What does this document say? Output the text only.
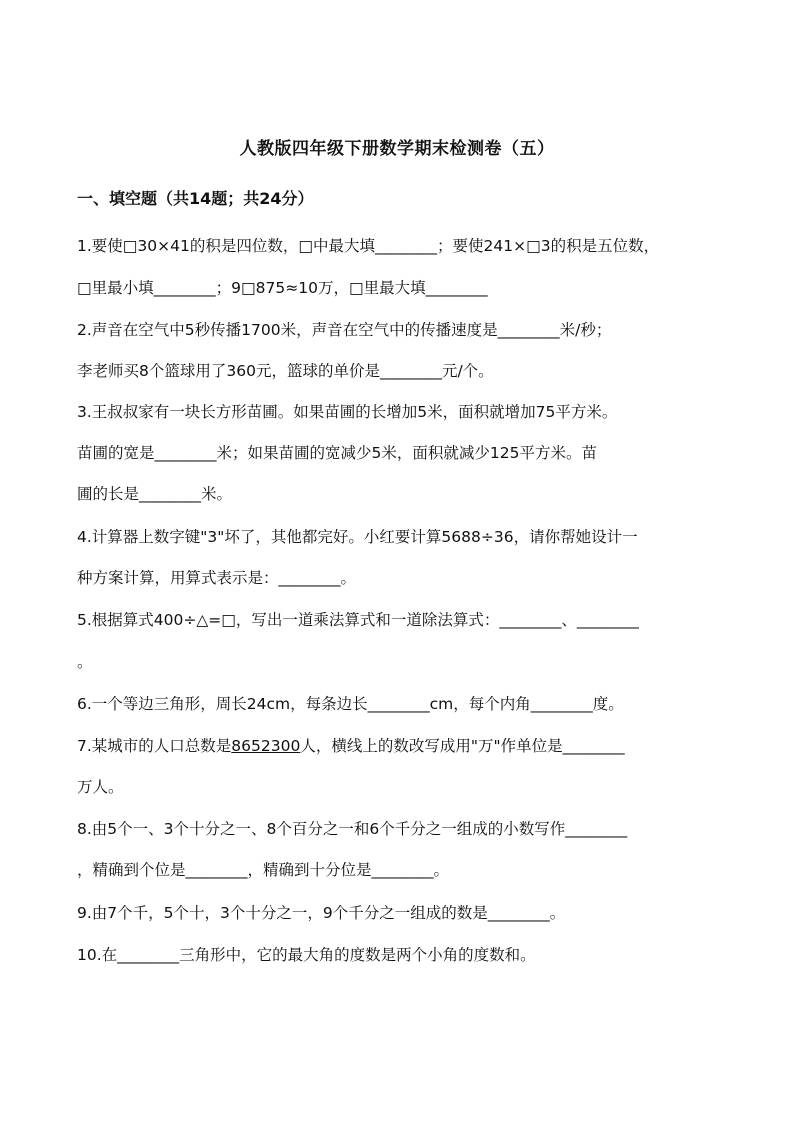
人教版四年级下册数学期末检测卷（五）
一、填空题（共14题；共24分）
1.要使□30×41的积是四位数，□中最大填________；要使241×□3的积是五位数，
□里最小填________；9□875≈10万，□里最大填________
2.声音在空气中5秒传播1700米，声音在空气中的传播速度是________米/秒；
李老师买8个篮球用了360元，篮球的单价是________元/个。
3.王叔叔家有一块长方形苗圃。如果苗圃的长增加5米，面积就增加75平方米。
苗圃的宽是________米；如果苗圃的宽减少5米，面积就减少125平方米。苗
圃的长是________米。
4.计算器上数字键"3"坏了，其他都完好。小红要计算5688÷36，请你帮她设计一
种方案计算，用算式表示是：________。
5.根据算式400÷△=□，写出一道乘法算式和一道除法算式：________、________
。
6.一个等边三角形，周长24cm，每条边长________cm，每个内角________度。
7.某城市的人口总数是8652300人，横线上的数改写成用"万"作单位是________
万人。
8.由5个一、3个十分之一、8个百分之一和6个千分之一组成的小数写作________
，精确到个位是________，精确到十分位是________。
9.由7个千，5个十，3个十分之一，9个千分之一组成的数是________。
10.在________三角形中，它的最大角的度数是两个小角的度数和。
